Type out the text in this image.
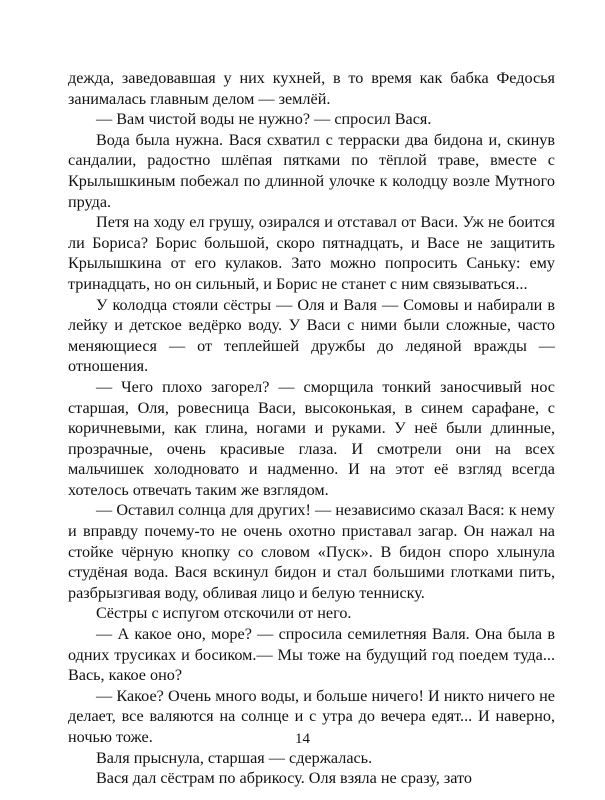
дежда, заведовавшая у них кухней, в то время как бабка Федосья занималась главным делом — землёй.

— Вам чистой воды не нужно? — спросил Вася.

Вода была нужна. Вася схватил с терраски два бидона и, скинув сандалии, радостно шлёпая пятками по тёплой траве, вместе с Крылышкиным побежал по длинной улочке к колодцу возле Мутного пруда.

Петя на ходу ел грушу, озирался и отставал от Васи. Уж не боится ли Бориса? Борис большой, скоро пятнадцать, и Васе не защитить Крылышкина от его кулаков. Зато можно попросить Саньку: ему тринадцать, но он сильный, и Борис не станет с ним связываться...

У колодца стояли сёстры — Оля и Валя — Сомовы и набирали в лейку и детское ведёрко воду. У Васи с ними были сложные, часто меняющиеся — от теплейшей дружбы до ледяной вражды — отношения.

— Чего плохо загорел? — сморщила тонкий заносчивый нос старшая, Оля, ровесница Васи, высоконькая, в синем сарафане, с коричневыми, как глина, ногами и руками. У неё были длинные, прозрачные, очень красивые глаза. И смотрели они на всех мальчишек холодновато и надменно. И на этот её взгляд всегда хотелось отвечать таким же взглядом.

— Оставил солнца для других! — независимо сказал Вася: к нему и вправду почему-то не очень охотно приставал загар. Он нажал на стойке чёрную кнопку со словом «Пуск». В бидон споро хлынула студёная вода. Вася вскинул бидон и стал большими глотками пить, разбрызгивая воду, обливая лицо и белую тенниску.

Сёстры с испугом отскочили от него.

— А какое оно, море? — спросила семилетняя Валя. Она была в одних трусиках и босиком.— Мы тоже на будущий год поедем туда... Вась, какое оно?

— Какое? Очень много воды, и больше ничего! И никто ничего не делает, все валяются на солнце и с утра до вечера едят... И наверно, ночью тоже.

Валя прыснула, старшая — сдержалась.

Вася дал сёстрам по абрикосу. Оля взяла не сразу, зато

14
